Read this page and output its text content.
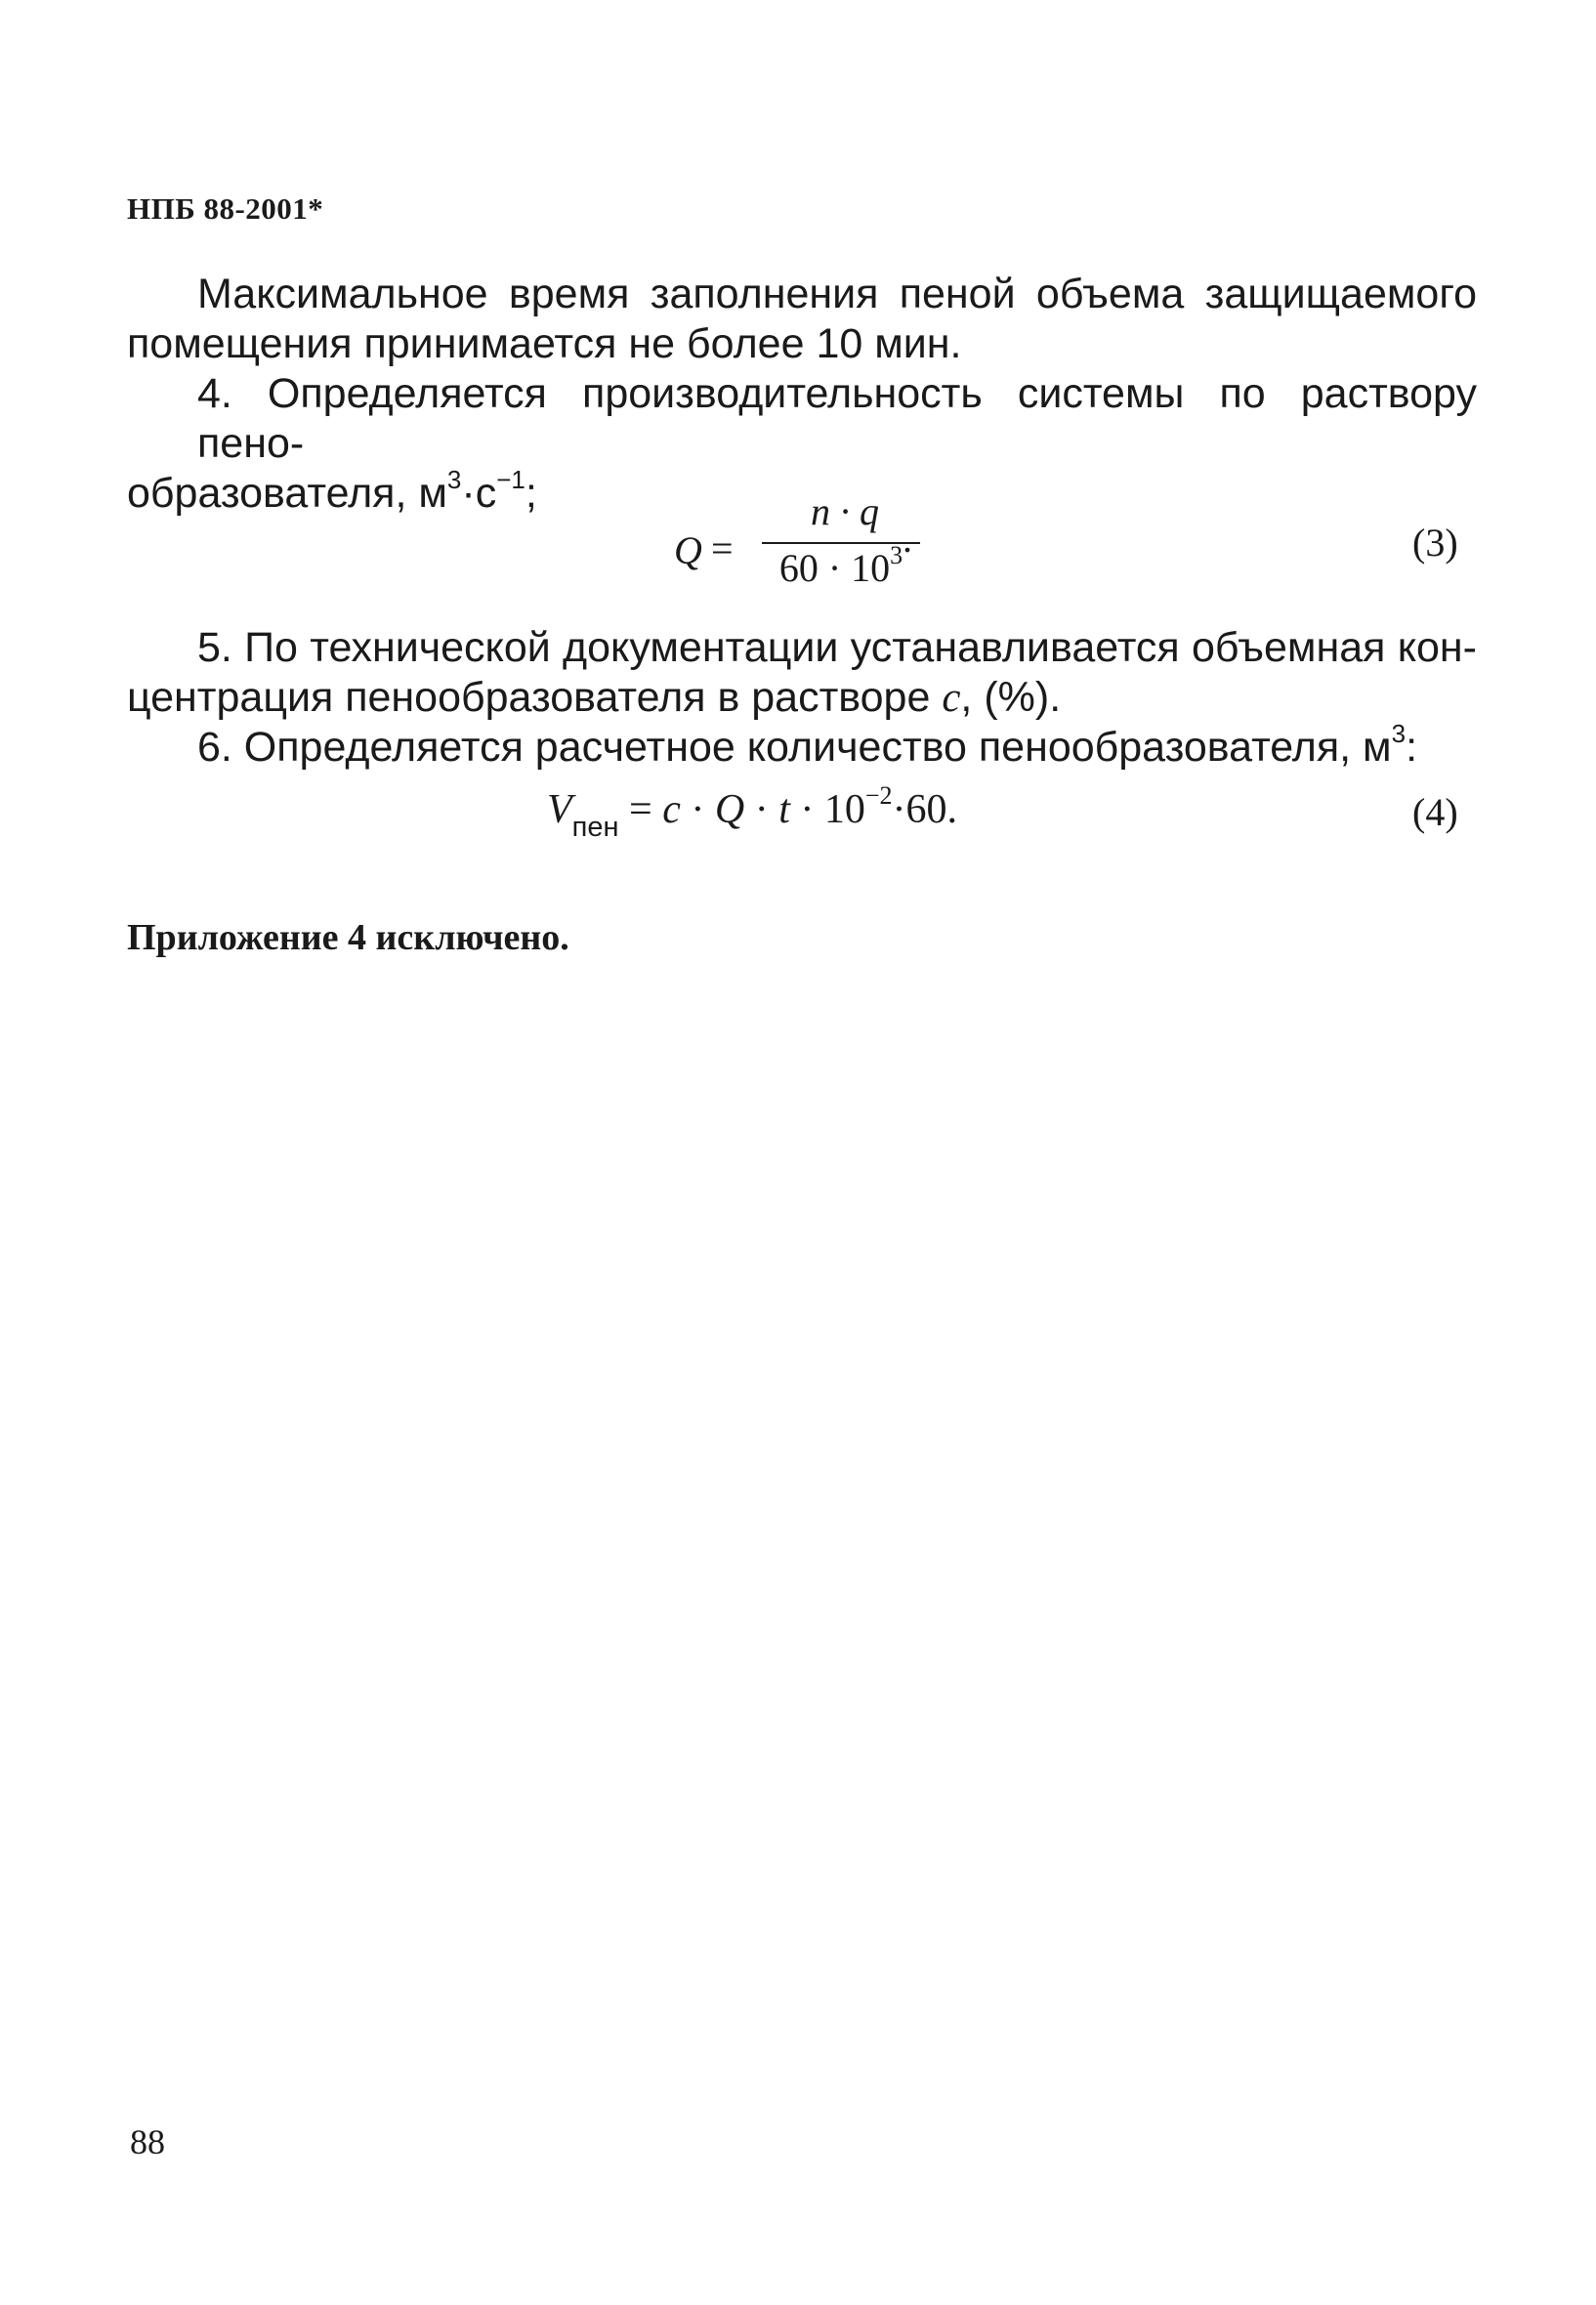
НПБ 88-2001*
Максимальное время заполнения пеной объема защищаемого
помещения принимается не более 10 мин.
4. Определяется производительность системы по раствору пено-
образователя, $м^3\cdot с^{-1}$;
Q =
n · q
$60 \cdot 10^3$ .	(3)
5. По технической документации устанавливается объемная кон-
центрация пенообразователя в растворе c, (%).
6. Определяется расчетное количество пенообразователя, $м^3$:
$V_{пен} = c \cdot Q \cdot t \cdot 10^{-2}\cdot 60$.	(4)
Приложение 4 исключено.
88
